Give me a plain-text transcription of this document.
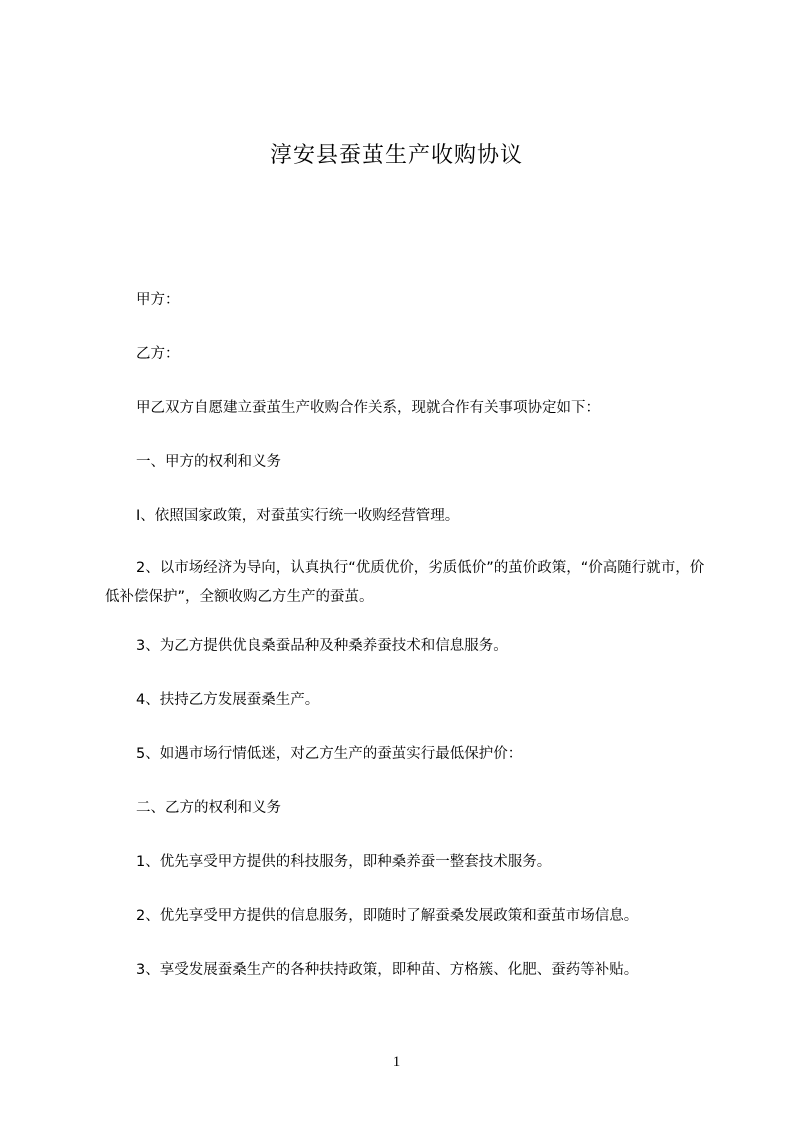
淳安县蚕茧生产收购协议
甲方：
乙方：
甲乙双方自愿建立蚕茧生产收购合作关系，现就合作有关事项协定如下：
一、甲方的权利和义务
I、依照国家政策，对蚕茧实行统一收购经营管理。
2、以市场经济为导向，认真执行“优质优价，劣质低价”的茧价政策，“价高随行就市，价低补偿保护”，全额收购乙方生产的蚕茧。
3、为乙方提供优良桑蚕品种及种桑养蚕技术和信息服务。
4、扶持乙方发展蚕桑生产。
5、如遇市场行情低迷，对乙方生产的蚕茧实行最低保护价：
二、乙方的权利和义务
1、优先享受甲方提供的科技服务，即种桑养蚕一整套技术服务。
2、优先享受甲方提供的信息服务，即随时了解蚕桑发展政策和蚕茧市场信息。
3、享受发展蚕桑生产的各种扶持政策，即种苗、方格簇、化肥、蚕药等补贴。
1
